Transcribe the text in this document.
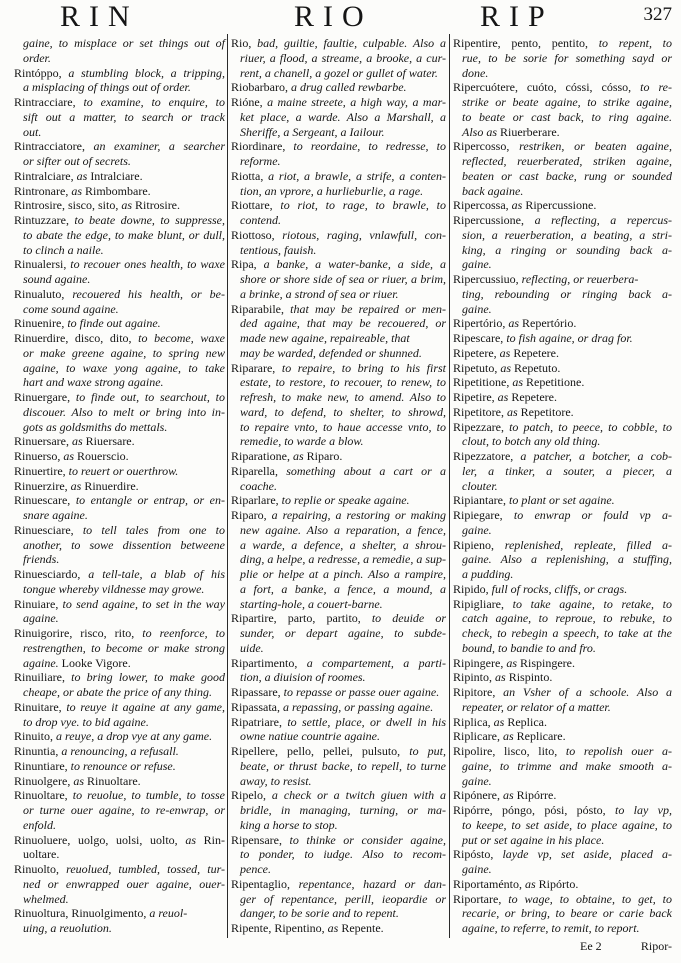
RIN	RIO	RIP	327
gaine, to misplace or set things out of
order.
Rintóppo, a stumbling block, a tripping,
a misplacing of things out of order.
Rintracciare, to examine, to enquire, to
sift out a matter, to search or track
out.
Rintracciatore, an examiner, a searcher
or sifter out of secrets.
Rintralciare, as Intralciare.
Rintronare, as Rimbombare.
Rintrosire, sisco, sito, as Ritrosire.
Rintuzzare, to beate downe, to suppresse,
to abate the edge, to make blunt, or dull,
to clinch a naile.
Rinualersi, to recouer ones health, to waxe
sound againe.
Rinualuto, recouered his health, or be-
come sound againe.
Rinuenire, to finde out againe.
Rinuerdire, disco, dito, to become, waxe
or make greene againe, to spring new
againe, to waxe yong againe, to take
hart and waxe strong againe.
Rinuergare, to finde out, to searchout, to
discouer. Also to melt or bring into in-
gots as goldsmiths do mettals.
Rinuersare, as Riuersare.
Rinuerso, as Rouerscio.
Rinuertire, to reuert or ouerthrow.
Rinuerzire, as Rinuerdire.
Rinuescare, to entangle or entrap, or en-
snare againe.
Rinuesciare, to tell tales from one to
another, to sowe dissention betweene
friends.
Rinuesciardo, a tell-tale, a blab of his
tongue whereby vildnesse may growe.
Rinuiare, to send againe, to set in the way
againe.
Rinuigorire, risco, rito, to reenforce, to
restrengthen, to become or make strong
againe. Looke Vigore.
Rinuiliare, to bring lower, to make good
cheape, or abate the price of any thing.
Rinuitare, to reuye it againe at any game,
to drop vye. to bid againe.
Rinuito, a reuye, a drop vye at any game.
Rinuntia, a renouncing, a refusall.
Rinuntiare, to renounce or refuse.
Rinuolgere, as Rinuoltare.
Rinuoltare, to reuolue, to tumble, to tosse
or turne ouer againe, to re-enwrap, or
enfold.
Rinuoluere, uolgo, uolsi, uolto, as Rin-
uoltare.
Rinuolto, reuolued, tumbled, tossed, tur-
ned or enwrapped ouer againe, ouer-
whelmed.
Rinuoltura, Rinuolgimento, a reuol-
uing, a reuolution.
Rio, bad, guiltie, faultie, culpable. Also a
riuer, a flood, a streame, a brooke, a cur-
rent, a chanell, a gozel or gullet of water.
Riobarbaro, a drug called rewbarbe.
Rióne, a maine streete, a high way, a mar-
ket place, a warde. Also a Marshall, a
Sheriffe, a Sergeant, a Iailour.
Riordinare, to reordaine, to redresse, to
reforme.
Riotta, a riot, a brawle, a strife, a conten-
tion, an vprore, a hurlieburlie, a rage.
Riottare, to riot, to rage, to brawle, to
contend.
Riottoso, riotous, raging, vnlawfull, con-
tentious, fauish.
Ripa, a banke, a water-banke, a side, a
shore or shore side of sea or riuer, a brim,
a brinke, a strond of sea or riuer.
Riparabile, that may be repaired or men-
ded againe, that may be recouered, or
made new againe, repaireable, that
may be warded, defended or shunned.
Riparare, to repaire, to bring to his first
estate, to restore, to recouer, to renew, to
refresh, to make new, to amend. Also to
ward, to defend, to shelter, to shrowd,
to repaire vnto, to haue accesse vnto, to
remedie, to warde a blow.
Riparatione, as Riparo.
Riparella, something about a cart or a
coache.
Riparlare, to replie or speake againe.
Riparo, a repairing, a restoring or making
new againe. Also a reparation, a fence,
a warde, a defence, a shelter, a shrou-
ding, a helpe, a redresse, a remedie, a sup-
plie or helpe at a pinch. Also a rampire,
a fort, a banke, a fence, a mound, a
starting-hole, a couert-barne.
Ripartire, parto, partito, to deuide or
sunder, or depart againe, to subde-
uide.
Ripartimento, a compartement, a parti-
tion, a diuision of roomes.
Ripassare, to repasse or passe ouer againe.
Ripassata, a repassing, or passing againe.
Ripatriare, to settle, place, or dwell in his
owne natiue countrie againe.
Ripellere, pello, pellei, pulsuto, to put,
beate, or thrust backe, to repell, to turne
away, to resist.
Ripelo, a check or a twitch giuen with a
bridle, in managing, turning, or ma-
king a horse to stop.
Ripensare, to thinke or consider againe,
to ponder, to iudge. Also to recom-
pence.
Ripentaglio, repentance, hazard or dan-
ger of repentance, perill, ieopardie or
danger, to be sorie and to repent.
Ripente, Ripentino, as Repente.
Ripentire, pento, pentito, to repent, to
rue, to be sorie for something sayd or
done.
Ripercuótere, cuóto, cóssi, cósso, to re-
strike or beate againe, to strike againe,
to beate or cast back, to ring againe.
Also as Riuerberare.
Ripercosso, restriken, or beaten againe,
reflected, reuerberated, striken againe,
beaten or cast backe, rung or sounded
back againe.
Ripercossa, as Ripercussione.
Ripercussione, a reflecting, a repercus-
sion, a reuerberation, a beating, a stri-
king, a ringing or sounding back a-
gaine.
Ripercussiuo, reflecting, or reuerbera-
ting, rebounding or ringing back a-
gaine.
Ripertório, as Repertório.
Ripescare, to fish againe, or drag for.
Ripetere, as Repetere.
Ripetuto, as Repetuto.
Ripetitione, as Repetitione.
Ripetire, as Repetere.
Ripetitore, as Repetitore.
Ripezzare, to patch, to peece, to cobble, to
clout, to botch any old thing.
Ripezzatore, a patcher, a botcher, a cob-
ler, a tinker, a souter, a piecer, a
clouter.
Ripiantare, to plant or set againe.
Ripiegare, to enwrap or fould vp a-
gaine.
Ripieno, replenished, repleate, filled a-
gaine. Also a replenishing, a stuffing,
a pudding.
Ripido, full of rocks, cliffs, or crags.
Ripigliare, to take againe, to retake, to
catch againe, to reproue, to rebuke, to
check, to rebegin a speech, to take at the
bound, to bandie to and fro.
Ripingere, as Rispingere.
Ripinto, as Rispinto.
Ripitore, an Vsher of a schoole. Also a
repeater, or relator of a matter.
Riplica, as Replica.
Riplicare, as Replicare.
Ripolire, lisco, lito, to repolish ouer a-
gaine, to trimme and make smooth a-
gaine.
Ripónere, as Ripórre.
Ripórre, póngo, pósi, pósto, to lay vp,
to keepe, to set aside, to place againe, to
put or set againe in his place.
Ripósto, layde vp, set aside, placed a-
gaine.
Riportaménto, as Ripórto.
Riportare, to wage, to obtaine, to get, to
recarie, or bring, to beare or carie back
againe, to referre, to remit, to report.
Ee 2	Ripor-
